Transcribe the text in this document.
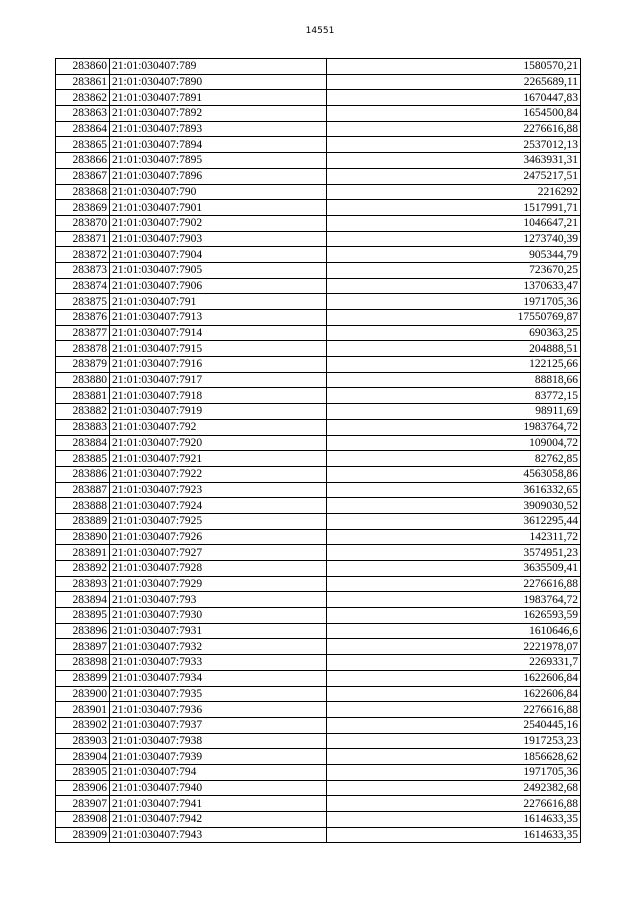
14551
283860	21:01:030407:789	1580570,21
283861	21:01:030407:7890	2265689,11
283862	21:01:030407:7891	1670447,83
283863	21:01:030407:7892	1654500,84
283864	21:01:030407:7893	2276616,88
283865	21:01:030407:7894	2537012,13
283866	21:01:030407:7895	3463931,31
283867	21:01:030407:7896	2475217,51
283868	21:01:030407:790	2216292
283869	21:01:030407:7901	1517991,71
283870	21:01:030407:7902	1046647,21
283871	21:01:030407:7903	1273740,39
283872	21:01:030407:7904	905344,79
283873	21:01:030407:7905	723670,25
283874	21:01:030407:7906	1370633,47
283875	21:01:030407:791	1971705,36
283876	21:01:030407:7913	17550769,87
283877	21:01:030407:7914	690363,25
283878	21:01:030407:7915	204888,51
283879	21:01:030407:7916	122125,66
283880	21:01:030407:7917	88818,66
283881	21:01:030407:7918	83772,15
283882	21:01:030407:7919	98911,69
283883	21:01:030407:792	1983764,72
283884	21:01:030407:7920	109004,72
283885	21:01:030407:7921	82762,85
283886	21:01:030407:7922	4563058,86
283887	21:01:030407:7923	3616332,65
283888	21:01:030407:7924	3909030,52
283889	21:01:030407:7925	3612295,44
283890	21:01:030407:7926	142311,72
283891	21:01:030407:7927	3574951,23
283892	21:01:030407:7928	3635509,41
283893	21:01:030407:7929	2276616,88
283894	21:01:030407:793	1983764,72
283895	21:01:030407:7930	1626593,59
283896	21:01:030407:7931	1610646,6
283897	21:01:030407:7932	2221978,07
283898	21:01:030407:7933	2269331,7
283899	21:01:030407:7934	1622606,84
283900	21:01:030407:7935	1622606,84
283901	21:01:030407:7936	2276616,88
283902	21:01:030407:7937	2540445,16
283903	21:01:030407:7938	1917253,23
283904	21:01:030407:7939	1856628,62
283905	21:01:030407:794	1971705,36
283906	21:01:030407:7940	2492382,68
283907	21:01:030407:7941	2276616,88
283908	21:01:030407:7942	1614633,35
283909	21:01:030407:7943	1614633,35
